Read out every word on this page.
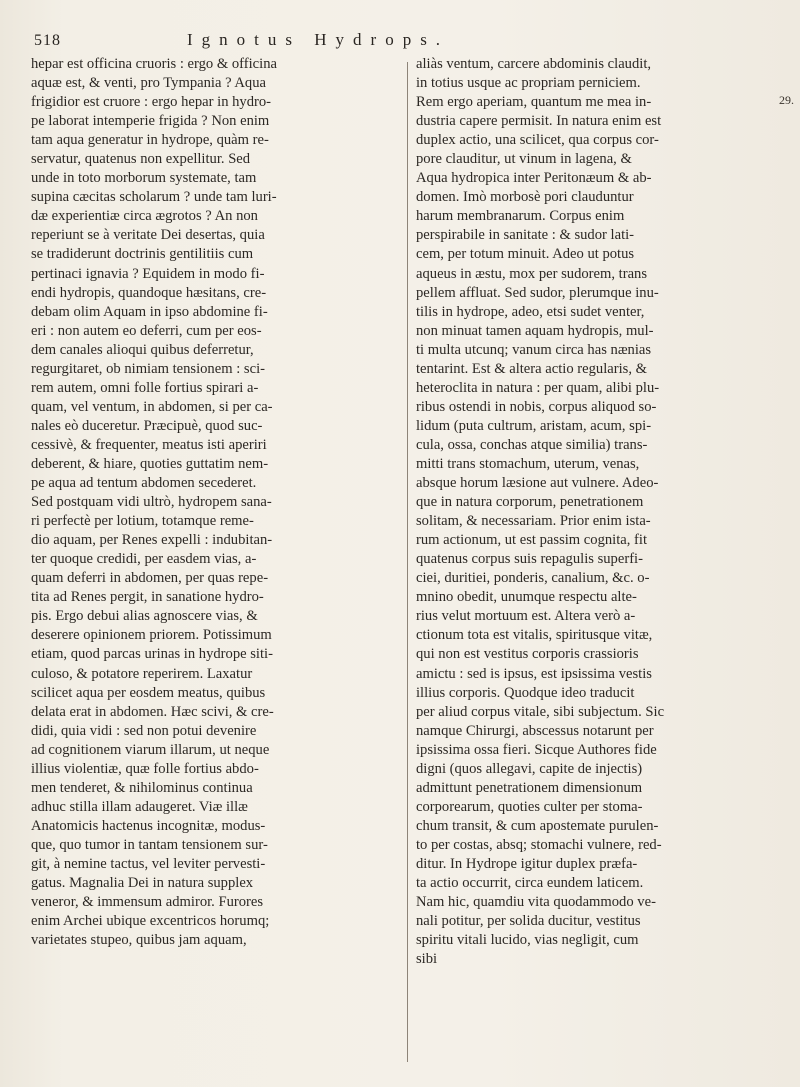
518	Ignotus Hydrops.
hepar est officina cruoris : ergo & officina
aquæ est, & venti, pro Tympania ? Aqua
frigidior est cruore : ergo hepar in hydro-
pe laborat intemperie frigida ? Non enim
tam aqua generatur in hydrope, quàm re-
servatur, quatenus non expellitur. Sed
unde in toto morborum systemate, tam
supina cæcitas scholarum ? unde tam luri-
dæ experientiæ circa ægrotos ? An non
reperiunt se à veritate Dei desertas, quia
se tradiderunt doctrinis gentilitiis cum
pertinaci ignavia ? Equidem in modo fi-
endi hydropis, quandoque hæsitans, cre-
debam olim Aquam in ipso abdomine fi-
eri : non autem eo deferri, cum per eos-
dem canales alioqui quibus deferretur,
regurgitaret, ob nimiam tensionem : sci-
rem autem, omni folle fortius spirari a-
quam, vel ventum, in abdomen, si per ca-
nales eò duceretur. Præcipuè, quod suc-
cessivè, & frequenter, meatus isti aperiri
deberent, & hiare, quoties guttatim nem-
pe aqua ad tentum abdomen secederet.
Sed postquam vidi ultrò, hydropem sana-
ri perfectè per lotium, totamque reme-
dio aquam, per Renes expelli : indubitan-
ter quoque credidi, per easdem vias, a-
quam deferri in abdomen, per quas repe-
tita ad Renes pergit, in sanatione hydro-
pis. Ergo debui alias agnoscere vias, &
deserere opinionem priorem. Potissimum
etiam, quod parcas urinas in hydrope siti-
culoso, & potatore reperirem. Laxatur
scilicet aqua per eosdem meatus, quibus
delata erat in abdomen. Hæc scivi, & cre-
didi, quia vidi : sed non potui devenire
ad cognitionem viarum illarum, ut neque
illius violentiæ, quæ folle fortius abdo-
men tenderet, & nihilominus continua
adhuc stilla illam adaugeret. Viæ illæ
Anatomicis hactenus incognitæ, modus-
que, quo tumor in tantam tensionem sur-
git, à nemine tactus, vel leviter pervesti-
gatus. Magnalia Dei in natura supplex
veneror, & immensum admiror. Furores
enim Archei ubique excentricos horumq;
varietates stupeo, quibus jam aquam,
aliàs ventum, carcere abdominis claudit,
in totius usque ac propriam perniciem.
Rem ergo aperiam, quantum me mea in-
dustria capere permisit. In natura enim est
duplex actio, una scilicet, qua corpus cor-
pore clauditur, ut vinum in lagena, &
Aqua hydropica inter Peritonæum & ab-
domen. Imò morbosè pori clauduntur
harum membranarum. Corpus enim
perspirabile in sanitate : & sudor lati-
cem, per totum minuit. Adeo ut potus
aqueus in æstu, mox per sudorem, trans
pellem affluat. Sed sudor, plerumque inu-
tilis in hydrope, adeo, etsi sudet venter,
non minuat tamen aquam hydropis, mul-
ti multa utcunq; vanum circa has nænias
tentarint. Est & altera actio regularis, &
heteroclita in natura : per quam, alibi plu-
ribus ostendi in nobis, corpus aliquod so-
lidum (puta cultrum, aristam, acum, spi-
cula, ossa, conchas atque similia) trans-
mitti trans stomachum, uterum, venas,
absque horum læsione aut vulnere. Adeo-
que in natura corporum, penetrationem
solitam, & necessariam. Prior enim ista-
rum actionum, ut est passim cognita, fit
quatenus corpus suis repagulis superfi-
ciei, duritiei, ponderis, canalium, &c. o-
mnino obedit, unumque respectu alte-
rius velut mortuum est. Altera verò a-
ctionum tota est vitalis, spiritusque vitæ,
qui non est vestitus corporis crassioris
amictu : sed is ipsus, est ipsissima vestis
illius corporis. Quodque ideo traducit
per aliud corpus vitale, sibi subjectum. Sic
namque Chirurgi, abscessus notarunt per
ipsissima ossa fieri. Sicque Authores fide
digni (quos allegavi, capite de injectis)
admittunt penetrationem dimensionum
corporearum, quoties culter per stoma-
chum transit, & cum apostemate purulen-
to per costas, absq; stomachi vulnere, red-
ditur. In Hydrope igitur duplex præfa-
ta actio occurrit, circa eundem laticem.
Nam hic, quamdiu vita quodammodo ve-
nali potitur, per solida ducitur, vestitus
spiritu vitali lucido, vias negligit, cum
sibi
29.
